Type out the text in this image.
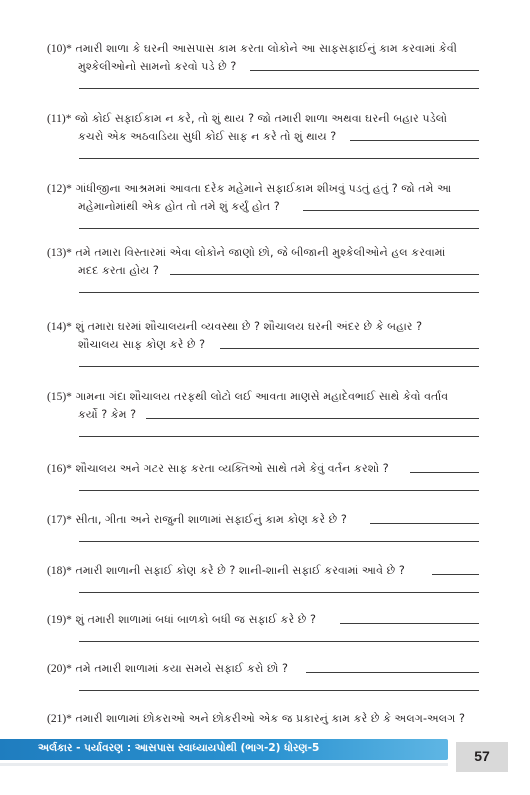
(10)* તમારી શાળા કે ઘરની આસપાસ કામ કરતા લોકોને આ સાફસફાઈનું કામ કરવામાં કેવી
મુશ્કેલીઓનો સામનો કરવો પડે છે ?
(11)* જો કોઈ સફાઈકામ ન કરે, તો શું થાય ? જો તમારી શાળા અથવા ઘરની બહાર પડેલો
કચરો એક અઠવાડિયા સુધી કોઈ સાફ ન કરે તો શું થાય ?
(12)* ગાંધીજીના આશ્રમમાં આવતા દરેક મહેમાને સફાઈકામ શીખવું પડતું હતું ? જો તમે આ
મહેમાનોમાંથી એક હોત તો તમે શું કર્યું હોત ?
(13)* તમે તમારા વિસ્તારમાં એવા લોકોને જાણો છો, જે બીજાની મુશ્કેલીઓને હલ કરવામાં
મદદ કરતા હોય ?
(14)* શું તમારા ઘરમાં શૌચાલયની વ્યવસ્થા છે ? શૌચાલય ઘરની અંદર છે કે બહાર ?
શૌચાલય સાફ કોણ કરે છે ?
(15)* ગામના ગંદા શૌચાલય તરફથી લોટો લઈ આવતા માણસે મહાદેવભાઈ સાથે કેવો વર્તાવ
કર્યો ? કેમ ?
(16)* શૌચાલય અને ગટર સાફ કરતા વ્યક્તિઓ સાથે તમે કેવું વર્તન કરશો ?
(17)* સીતા, ગીતા અને રાજુની શાળામાં સફાઈનું કામ કોણ કરે છે ?
(18)* તમારી શાળાની સફાઈ કોણ કરે છે ? શાની-શાની સફાઈ કરવામાં આવે છે ?
(19)* શું તમારી શાળામાં બધાં બાળકો બધી જ સફાઈ કરે છે ?
(20)* તમે તમારી શાળામાં કયા સમયે સફાઈ કરો છો ?
(21)* તમારી શાળામાં છોકરાઓ અને છોકરીઓ એક જ પ્રકારનું કામ કરે છે કે અલગ-અલગ ?
અર્લકાર - પર્યાવરણ : આસપાસ સ્વાધ્યાયપોથી (ભાગ-2) ધોરણ-5	57
